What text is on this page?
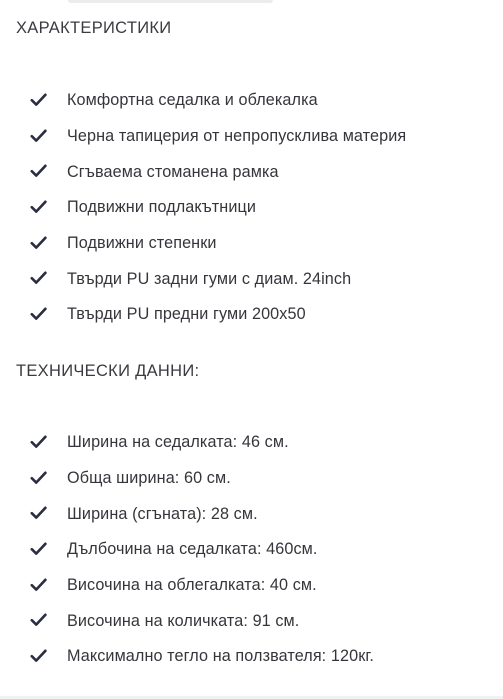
ХАРАКТЕРИСТИКИ
Комфортна седалка и облекалка
Черна тапицерия от непропусклива материя
Сгъваема стоманена рамка
Подвижни подлакътници
Подвижни степенки
Твърди PU задни гуми с диам. 24inch
Твърди PU предни гуми 200x50
ТЕХНИЧЕСКИ ДАННИ:
Ширина на седалката: 46 см.
Обща ширина: 60 см.
Ширина (сгъната): 28 см.
Дълбочина на седалката: 460см.
Височина на облегалката: 40 см.
Височина на количката: 91 см.
Максимално тегло на ползвателя: 120кг.
